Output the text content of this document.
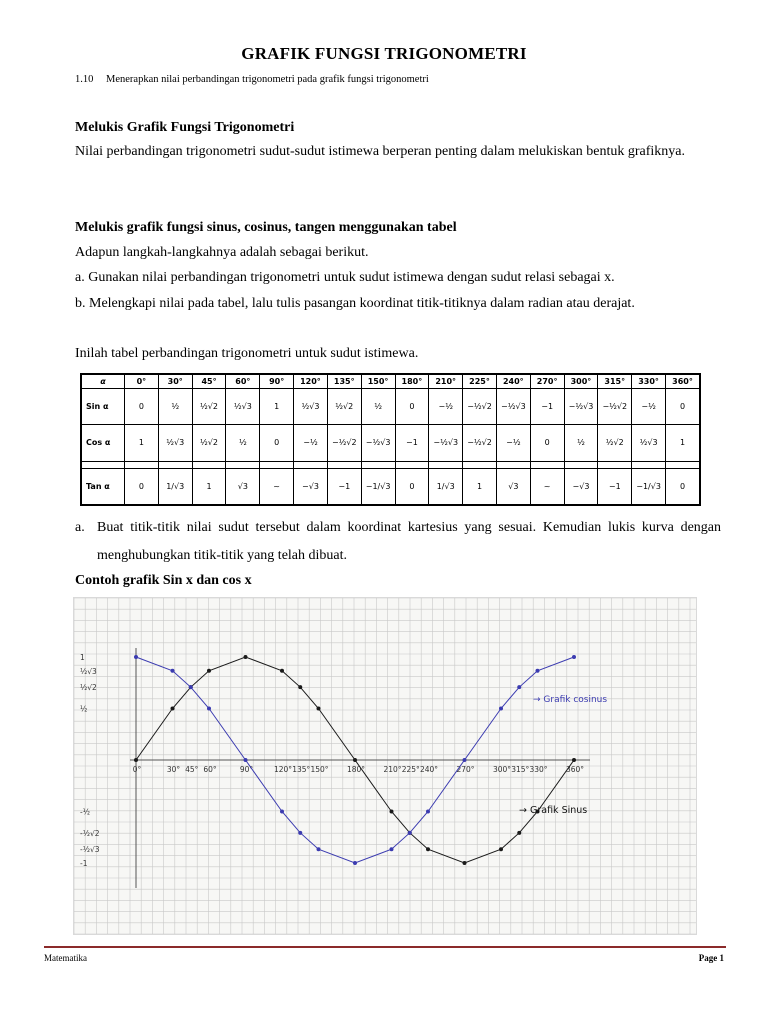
GRAFIK FUNGSI TRIGONOMETRI
1.10 Menerapkan nilai perbandingan trigonometri pada grafik fungsi trigonometri
Melukis Grafik Fungsi Trigonometri
Nilai perbandingan trigonometri sudut-sudut istimewa berperan penting dalam melukiskan bentuk grafiknya.
Melukis grafik fungsi sinus, cosinus, tangen menggunakan tabel
Adapun langkah-langkahnya adalah sebagai berikut.
a. Gunakan nilai perbandingan trigonometri untuk sudut istimewa dengan sudut relasi sebagai x.
b. Melengkapi nilai pada tabel, lalu tulis pasangan koordinat titik-titiknya dalam radian atau derajat.
Inilah tabel perbandingan trigonometri untuk sudut istimewa.
α	0°	30°	45°	60°	90°	120°	135°	150°	180°	210°	225°	240°	270°	300°	315°	330°	360°
Sin α	0	½	½√2	½√3	1	½√3	½√2	½	0	−½	−½√2	−½√3	−1	−½√3	−½√2	−½	0
Cos α	1	½√3	½√2	½	0	−½	−½√2	−½√3	−1	−½√3	−½√2	−½	0	½	½√2	½√3	1

Tan α	0	1/√3	1	√3	~	−√3	−1	−1/√3	0	1/√3	1	√3	~	−√3	−1	−1/√3	0
a. Buat titik-titik nilai sudut tersebut dalam koordinat kartesius yang sesuai. Kemudian lukis kurva dengan menghubungkan titik-titik yang telah dibuat.
Contoh grafik Sin x dan cos x
0°	30° 45° 60°	90°	120° 135° 150° 180° 210° 225° 240° 270° 300° 315° 330° 360°
1
½√3
½√2
½
-½
-½√2
-½√3
-1
→ Grafik cosinus
→ Grafik Sinus
Matematika	Page 1
